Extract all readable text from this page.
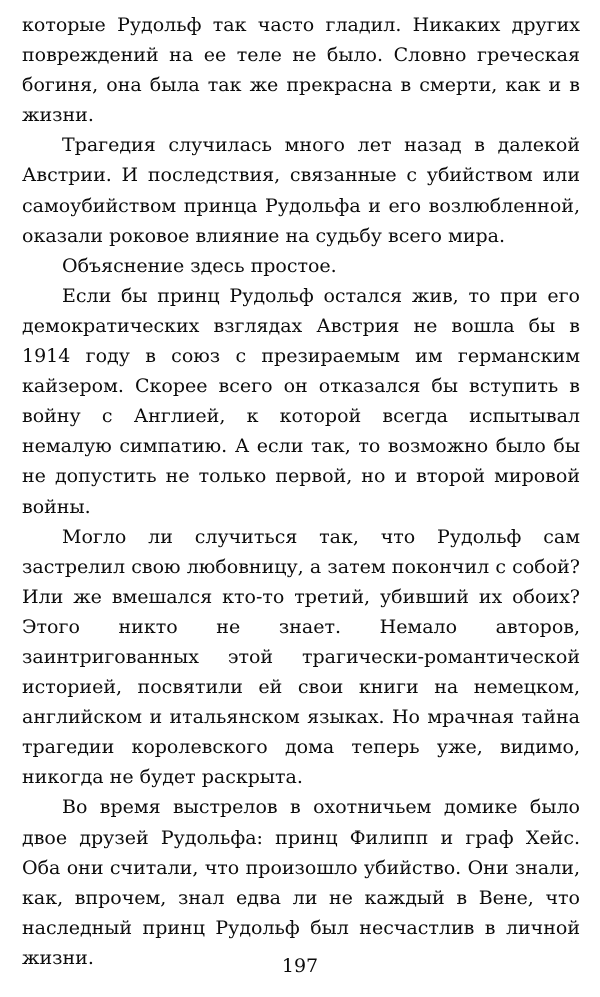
которые Рудольф так часто гладил. Никаких других повреждений на ее теле не было. Словно греческая богиня, она была так же прекрасна в смерти, как и в жизни.

Трагедия случилась много лет назад в далекой Австрии. И последствия, связанные с убийством или самоубийством принца Рудольфа и его возлюбленной, оказали роковое влияние на судьбу всего мира.

Объяснение здесь простое.

Если бы принц Рудольф остался жив, то при его демократических взглядах Австрия не вошла бы в 1914 году в союз с презираемым им германским кайзером. Скорее всего он отказался бы вступить в войну с Англией, к которой всегда испытывал немалую симпатию. А если так, то возможно было бы не допустить не только первой, но и второй мировой войны.

Могло ли случиться так, что Рудольф сам застрелил свою любовницу, а затем покончил с собой? Или же вмешался кто-то третий, убивший их обоих? Этого никто не знает. Немало авторов, заинтригованных этой трагически-романтической историей, посвятили ей свои книги на немецком, английском и итальянском языках. Но мрачная тайна трагедии королевского дома теперь уже, видимо, никогда не будет раскрыта.

Во время выстрелов в охотничьем домике было двое друзей Рудольфа: принц Филипп и граф Хейс. Оба они считали, что произошло убийство. Они знали, как, впрочем, знал едва ли не каждый в Вене, что наследный принц Рудольф был несчастлив в личной жизни.	197
